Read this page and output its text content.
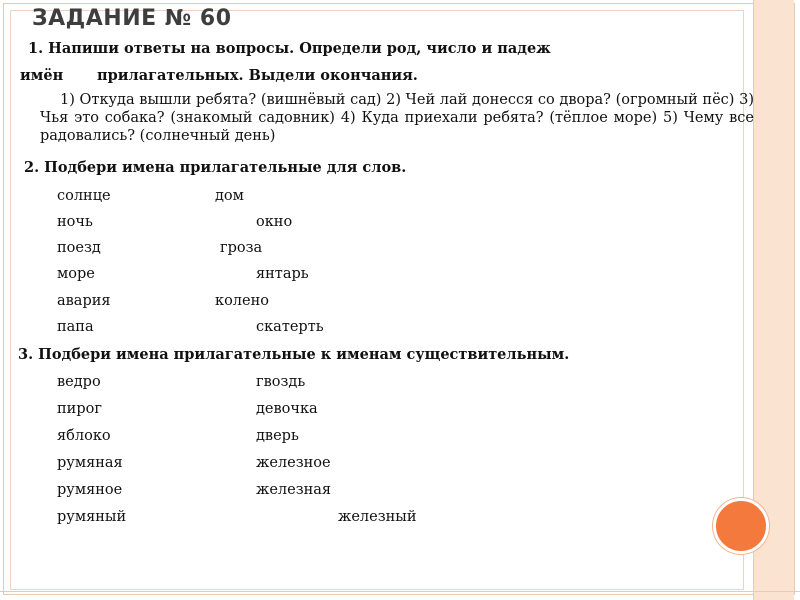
ЗАДАНИЕ № 60
1. Напиши ответы на вопросы. Определи род, число и падеж
имён прилагательных. Выдели окончания.
1) Откуда вышли ребята? (вишнёвый сад) 2) Чей лай донесся со двора? (огромный пёс) 3) Чья это собака? (знакомый садовник) 4) Куда приехали ребята? (тёплое море) 5) Чему все радовались? (солнечный день)
2. Подбери имена прилагательные для слов.
солнце	дом
ночь	окно
поезд	гроза
море	янтарь
авария	колено
папа	скатерть
3. Подбери имена прилагательные к именам существительным.
ведро	гвоздь
пирог	девочка
яблоко	дверь
румяная	железное
румяное	железная
румяный	железный
